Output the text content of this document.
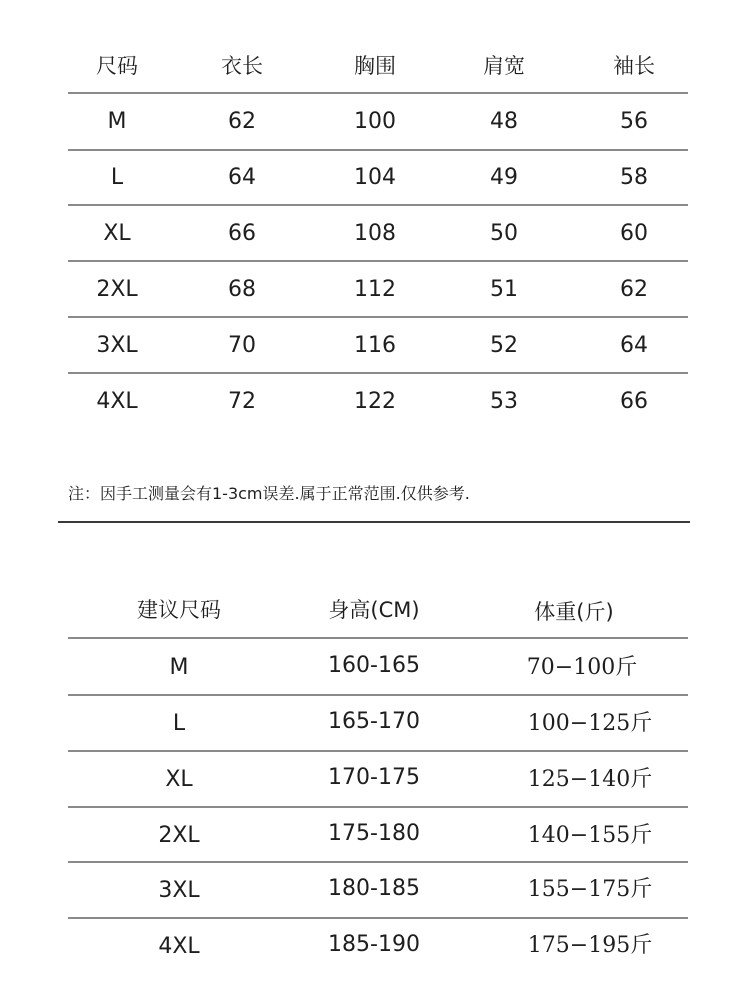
尺码	衣长	胸围	肩宽	袖长
M	62	100	48	56
L	64	104	49	58
XL	66	108	50	60
2XL	68	112	51	62
3XL	70	116	52	64
4XL	72	122	53	66
注：因手工测量会有1-3cm误差.属于正常范围.仅供参考.
建议尺码	身高(CM)	体重(斤)
M	160-165	70−100斤
L	165-170	100−125斤
XL	170-175	125−140斤
2XL	175-180	140−155斤
3XL	180-185	155−175斤
4XL	185-190	175−195斤
